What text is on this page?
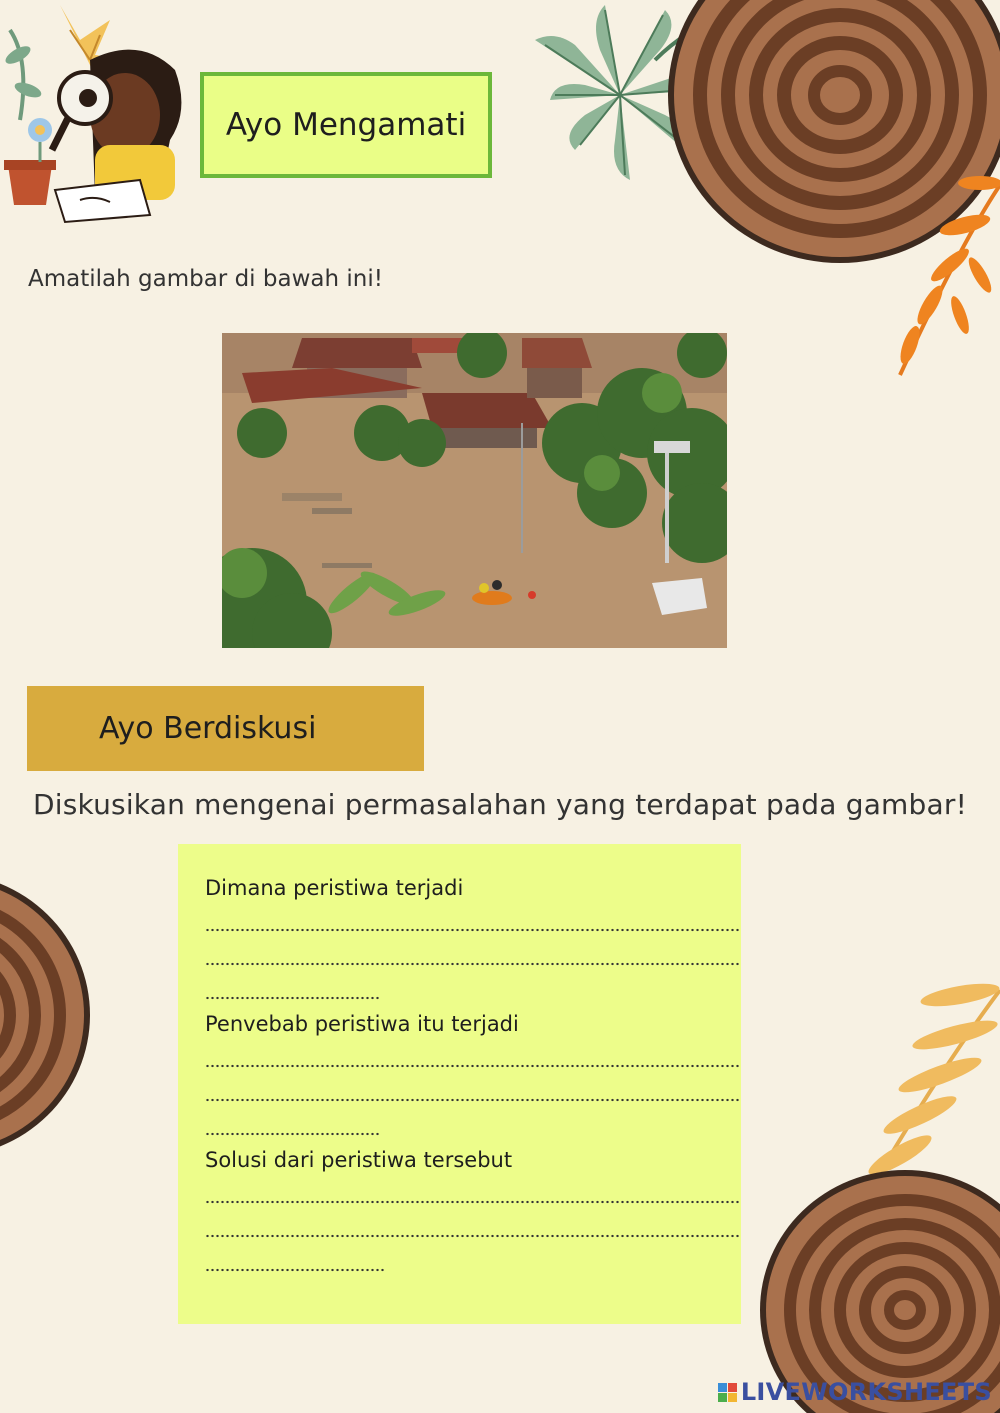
Ayo Mengamati
Amatilah gambar di bawah ini!
Ayo Berdiskusi
Diskusikan mengenai permasalahan yang terdapat pada gambar!
Dimana peristiwa terjadi
Penvebab peristiwa itu terjadi
Solusi dari peristiwa tersebut
LIVEWORKSHEETS
